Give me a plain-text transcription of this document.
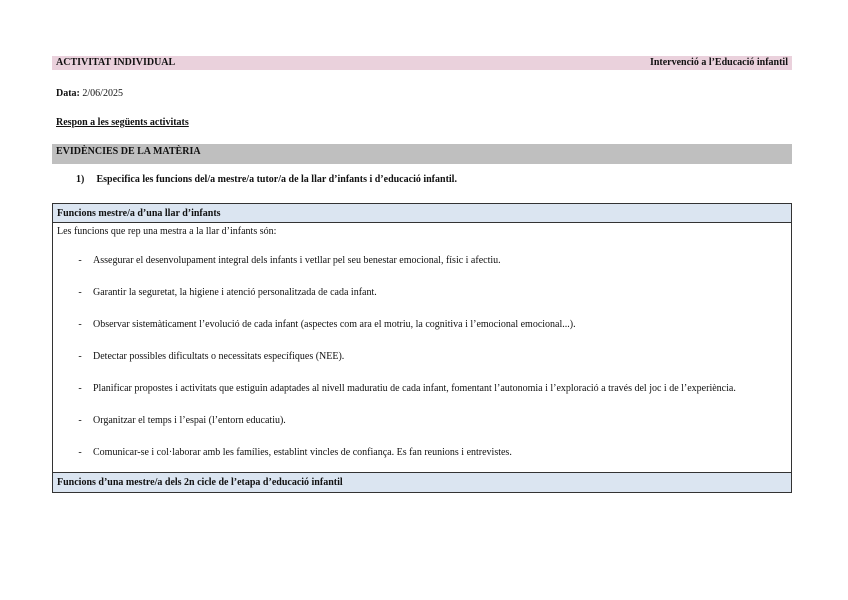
ACTIVITAT INDIVIDUAL	Intervenció a l’Educació infantil
Data: 2/06/2025
Respon a les següents activitats
EVIDÈNCIES DE LA MATÈRIA
1) Especifica les funcions del/a mestre/a tutor/a de la llar d’infants i d’educació infantil.
Funcions mestre/a d’una llar d’infants
Les funcions que rep una mestra a la llar d’infants són:
-	Assegurar el desenvolupament integral dels infants i vetllar pel seu benestar emocional, físic i afectiu.
-	Garantir la seguretat, la higiene i atenció personalitzada de cada infant.
-	Observar sistemàticament l’evolució de cada infant (aspectes com ara el motriu, la cognitiva i l’emocional emocional...).
-	Detectar possibles dificultats o necessitats específiques (NEE).
-	Planificar propostes i activitats que estiguin adaptades al nivell maduratiu de cada infant, fomentant l’autonomia i l’exploració a través del joc i de l’experiència.
-	Organitzar el temps i l’espai (l’entorn educatiu).
-	Comunicar-se i col·laborar amb les famílies, establint vincles de confiança. Es fan reunions i entrevistes.
Funcions d’una mestre/a dels 2n cicle de l’etapa d’educació infantil
